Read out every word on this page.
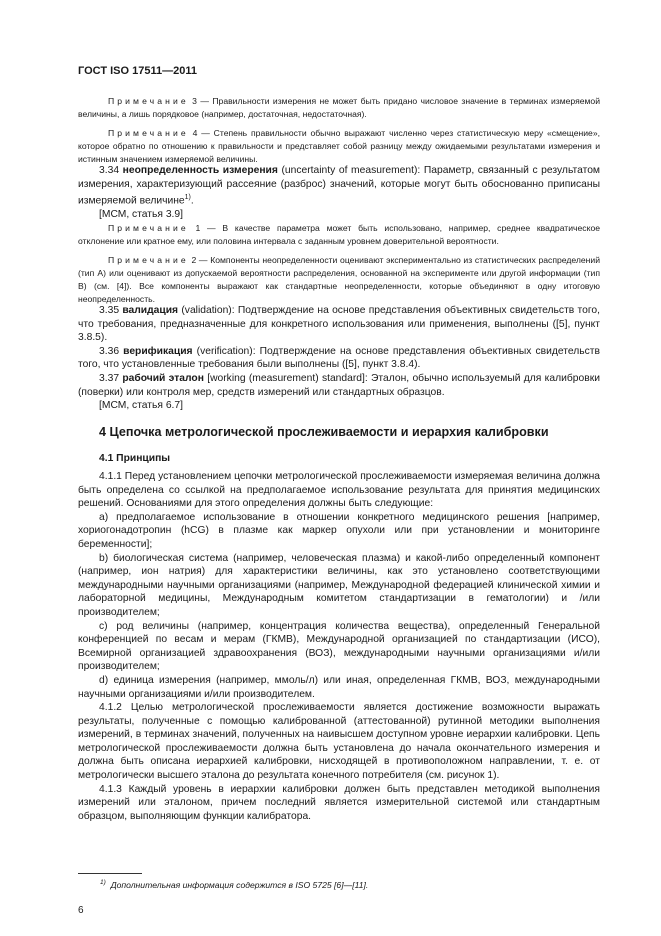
ГОСТ ISO 17511—2011

Примечание 3 — Правильности измерения не может быть придано числовое значение в терминах измеряемой величины, а лишь порядковое (например, достаточная, недостаточная).

Примечание 4 — Степень правильности обычно выражают численно через статистическую меру «смещение», которое обратно по отношению к правильности и представляет собой разницу между ожидаемыми результатами измерения и истинным значением измеряемой величины.

3.34 неопределенность измерения (uncertainty of measurement): Параметр, связанный с результатом измерения, характеризующий рассеяние (разброс) значений, которые могут быть обоснованно приписаны измеряемой величине$^{1)}$.

[МСМ, статья 3.9]

Примечание 1 — В качестве параметра может быть использовано, например, среднее квадратическое отклонение или кратное ему, или половина интервала с заданным уровнем доверительной вероятности.

Примечание 2 — Компоненты неопределенности оценивают экспериментально из статистических распределений (тип А) или оценивают из допускаемой вероятности распределения, основанной на эксперименте или другой информации (тип В) (см. [4]). Все компоненты выражают как стандартные неопределенности, которые объединяют в одну итоговую неопределенность.

3.35 валидация (validation): Подтверждение на основе представления объективных свидетельств того, что требования, предназначенные для конкретного использования или применения, выполнены ([5], пункт 3.8.5).

3.36 верификация (verification): Подтверждение на основе представления объективных свидетельств того, что установленные требования были выполнены ([5], пункт 3.8.4).

3.37 рабочий эталон [working (measurement) standard]: Эталон, обычно используемый для калибровки (поверки) или контроля мер, средств измерений или стандартных образцов.

[МСМ, статья 6.7]

4 Цепочка метрологической прослеживаемости и иерархия калибровки

4.1 Принципы

4.1.1 Перед установлением цепочки метрологической прослеживаемости измеряемая величина должна быть определена со ссылкой на предполагаемое использование результата для принятия медицинских решений. Основаниями для этого определения должны быть следующие:

а) предполагаемое использование в отношении конкретного медицинского решения [например, хориогонадотропин (hCG) в плазме как маркер опухоли или при установлении и мониторинге беременности];

b) биологическая система (например, человеческая плазма) и какой-либо определенный компонент (например, ион натрия) для характеристики величины, как это установлено соответствующими международными научными организациями (например, Международной федерацией клинической химии и лабораторной медицины, Международным комитетом стандартизации в гематологии) и /или производителем;

с) род величины (например, концентрация количества вещества), определенный Генеральной конференцией по весам и мерам (ГКМВ), Международной организацией по стандартизации (ИСО), Всемирной организацией здравоохранения (ВОЗ), международными научными организациями и/или производителем;

d) единица измерения (например, ммоль/л) или иная, определенная ГКМВ, ВОЗ, международными научными организациями и/или производителем.

4.1.2 Целью метрологической прослеживаемости является достижение возможности выражать результаты, полученные с помощью калиброванной (аттестованной) рутинной методики выполнения измерений, в терминах значений, полученных на наивысшем доступном уровне иерархии калибровки. Цепь метрологической прослеживаемости должна быть установлена до начала окончательного измерения и должна быть описана иерархией калибровки, нисходящей в противоположном направлении, т. е. от метрологически высшего эталона до результата конечного потребителя (см. рисунок 1).

4.1.3 Каждый уровень в иерархии калибровки должен быть представлен методикой выполнения измерений или эталоном, причем последний является измерительной системой или стандартным образцом, выполняющим функции калибратора.

$^{1)}$ Дополнительная информация содержится в ISO 5725 [6]—[11].
6
